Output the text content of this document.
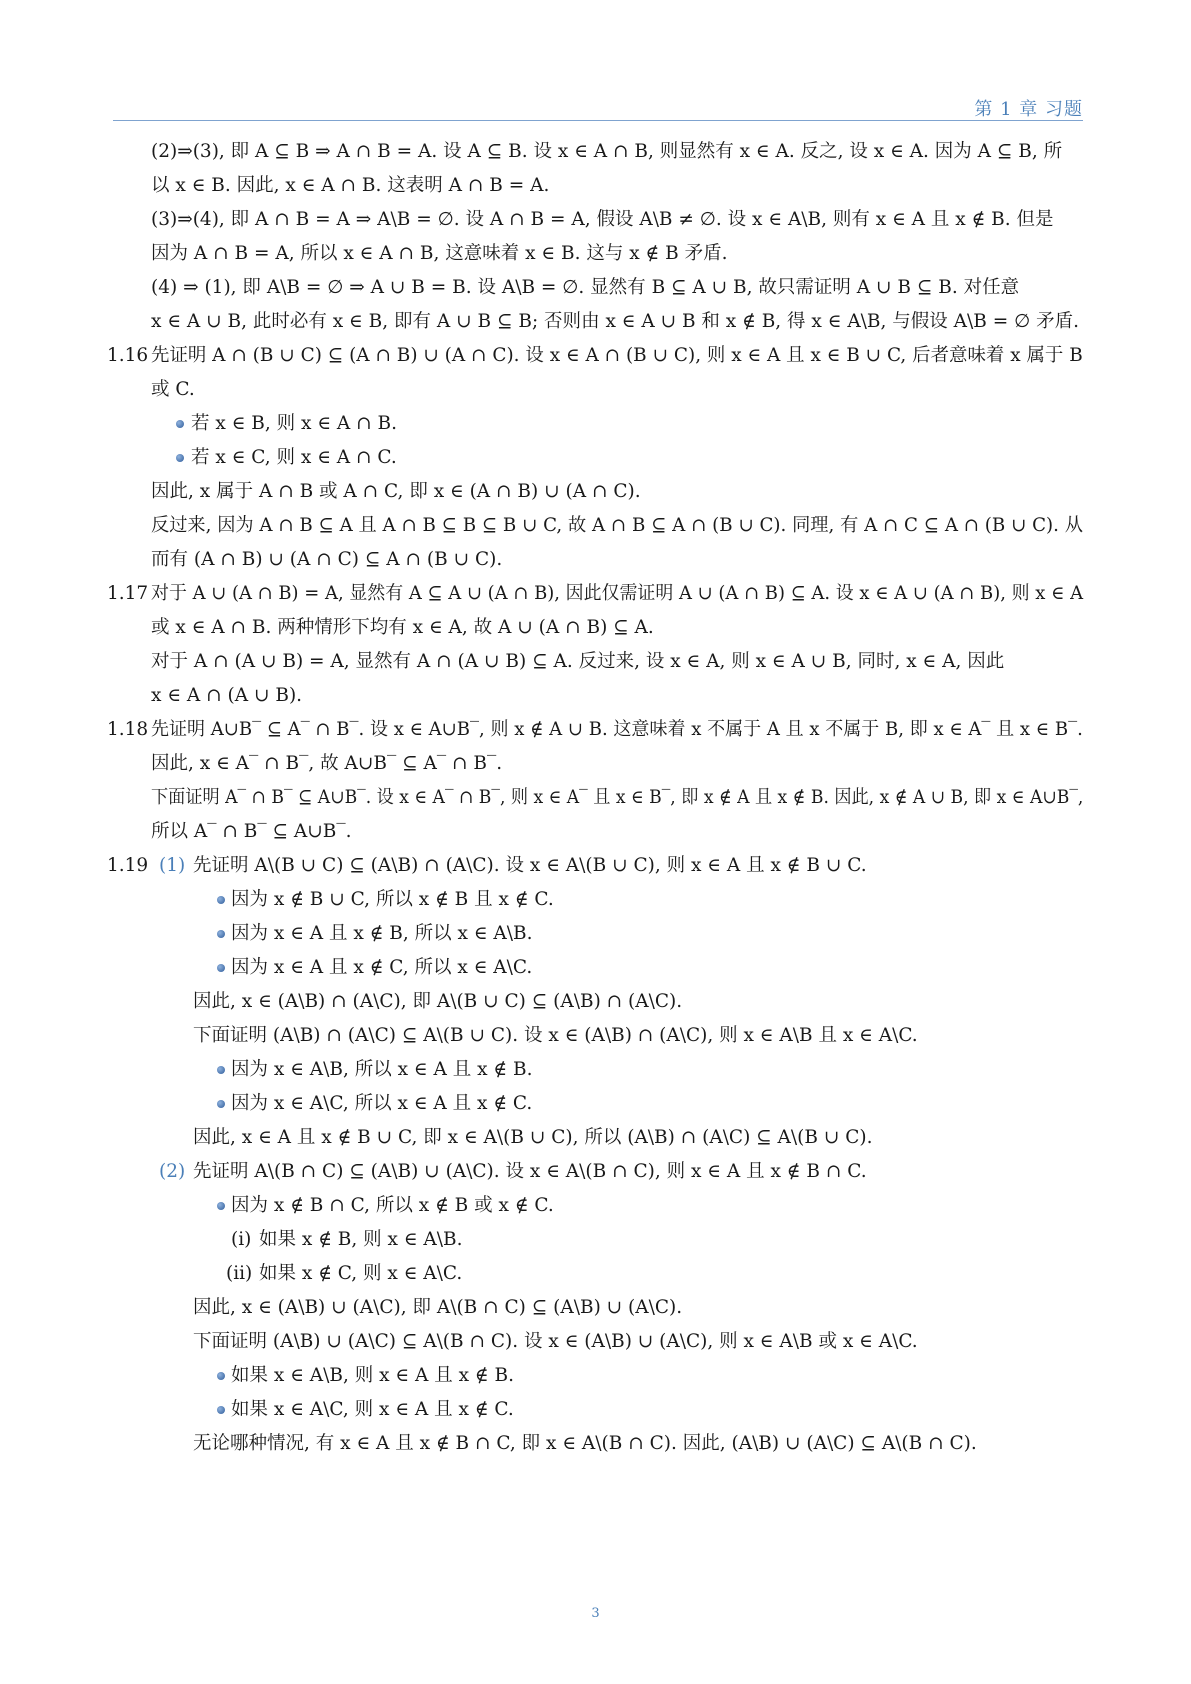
第 1 章 习题
(2)⇒(3), 即 A ⊆ B ⇒ A ∩ B = A. 设 A ⊆ B. 设 x ∈ A ∩ B, 则显然有 x ∈ A. 反之, 设 x ∈ A. 因为 A ⊆ B, 所
以 x ∈ B. 因此, x ∈ A ∩ B. 这表明 A ∩ B = A.
(3)⇒(4), 即 A ∩ B = A ⇒ A\B = ∅. 设 A ∩ B = A, 假设 A\B ≠ ∅. 设 x ∈ A\B, 则有 x ∈ A 且 x ∉ B. 但是
因为 A ∩ B = A, 所以 x ∈ A ∩ B, 这意味着 x ∈ B. 这与 x ∉ B 矛盾.
(4) ⇒ (1), 即 A\B = ∅ ⇒ A ∪ B = B. 设 A\B = ∅. 显然有 B ⊆ A ∪ B, 故只需证明 A ∪ B ⊆ B. 对任意
x ∈ A ∪ B, 此时必有 x ∈ B, 即有 A ∪ B ⊆ B; 否则由 x ∈ A ∪ B 和 x ∉ B, 得 x ∈ A\B, 与假设 A\B = ∅ 矛盾.
1.16 先证明 A ∩ (B ∪ C) ⊆ (A ∩ B) ∪ (A ∩ C). 设 x ∈ A ∩ (B ∪ C), 则 x ∈ A 且 x ∈ B ∪ C, 后者意味着 x 属于 B
或 C.
若 x ∈ B, 则 x ∈ A ∩ B.
若 x ∈ C, 则 x ∈ A ∩ C.
因此, x 属于 A ∩ B 或 A ∩ C, 即 x ∈ (A ∩ B) ∪ (A ∩ C).
反过来, 因为 A ∩ B ⊆ A 且 A ∩ B ⊆ B ⊆ B ∪ C, 故 A ∩ B ⊆ A ∩ (B ∪ C). 同理, 有 A ∩ C ⊆ A ∩ (B ∪ C). 从
而有 (A ∩ B) ∪ (A ∩ C) ⊆ A ∩ (B ∪ C).
1.17 对于 A ∪ (A ∩ B) = A, 显然有 A ⊆ A ∪ (A ∩ B), 因此仅需证明 A ∪ (A ∩ B) ⊆ A. 设 x ∈ A ∪ (A ∩ B), 则 x ∈ A
或 x ∈ A ∩ B. 两种情形下均有 x ∈ A, 故 A ∪ (A ∩ B) ⊆ A.
对于 A ∩ (A ∪ B) = A, 显然有 A ∩ (A ∪ B) ⊆ A. 反过来, 设 x ∈ A, 则 x ∈ A ∪ B, 同时, x ∈ A, 因此
x ∈ A ∩ (A ∪ B).
1.18 先证明 A∪B‾ ⊆ A‾ ∩ B‾. 设 x ∈ A∪B‾, 则 x ∉ A ∪ B. 这意味着 x 不属于 A 且 x 不属于 B, 即 x ∈ A‾ 且 x ∈ B‾.
因此, x ∈ A‾ ∩ B‾, 故 A∪B‾ ⊆ A‾ ∩ B‾.
下面证明 A‾ ∩ B‾ ⊆ A∪B‾. 设 x ∈ A‾ ∩ B‾, 则 x ∈ A‾ 且 x ∈ B‾, 即 x ∉ A 且 x ∉ B. 因此, x ∉ A ∪ B, 即 x ∈ A∪B‾,
所以 A‾ ∩ B‾ ⊆ A∪B‾.
1.19 (1) 先证明 A\(B ∪ C) ⊆ (A\B) ∩ (A\C). 设 x ∈ A\(B ∪ C), 则 x ∈ A 且 x ∉ B ∪ C.
因为 x ∉ B ∪ C, 所以 x ∉ B 且 x ∉ C.
因为 x ∈ A 且 x ∉ B, 所以 x ∈ A\B.
因为 x ∈ A 且 x ∉ C, 所以 x ∈ A\C.
因此, x ∈ (A\B) ∩ (A\C), 即 A\(B ∪ C) ⊆ (A\B) ∩ (A\C).
下面证明 (A\B) ∩ (A\C) ⊆ A\(B ∪ C). 设 x ∈ (A\B) ∩ (A\C), 则 x ∈ A\B 且 x ∈ A\C.
因为 x ∈ A\B, 所以 x ∈ A 且 x ∉ B.
因为 x ∈ A\C, 所以 x ∈ A 且 x ∉ C.
因此, x ∈ A 且 x ∉ B ∪ C, 即 x ∈ A\(B ∪ C), 所以 (A\B) ∩ (A\C) ⊆ A\(B ∪ C).
(2) 先证明 A\(B ∩ C) ⊆ (A\B) ∪ (A\C). 设 x ∈ A\(B ∩ C), 则 x ∈ A 且 x ∉ B ∩ C.
因为 x ∉ B ∩ C, 所以 x ∉ B 或 x ∉ C.
(i) 如果 x ∉ B, 则 x ∈ A\B.
(ii) 如果 x ∉ C, 则 x ∈ A\C.
因此, x ∈ (A\B) ∪ (A\C), 即 A\(B ∩ C) ⊆ (A\B) ∪ (A\C).
下面证明 (A\B) ∪ (A\C) ⊆ A\(B ∩ C). 设 x ∈ (A\B) ∪ (A\C), 则 x ∈ A\B 或 x ∈ A\C.
如果 x ∈ A\B, 则 x ∈ A 且 x ∉ B.
如果 x ∈ A\C, 则 x ∈ A 且 x ∉ C.
无论哪种情况, 有 x ∈ A 且 x ∉ B ∩ C, 即 x ∈ A\(B ∩ C). 因此, (A\B) ∪ (A\C) ⊆ A\(B ∩ C).
3
